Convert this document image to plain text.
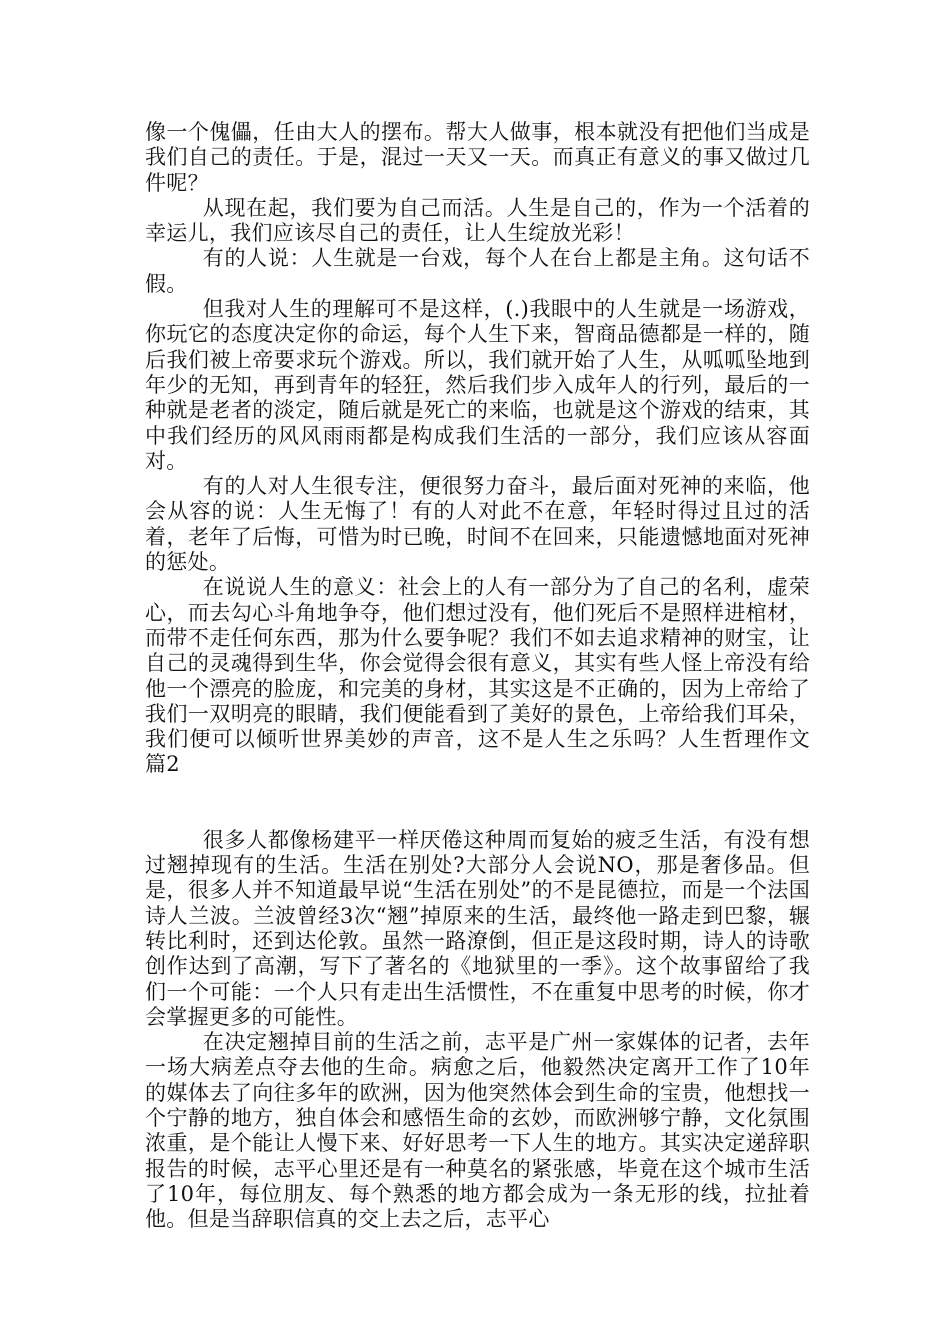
像一个傀儡，任由大人的摆布。帮大人做事，根本就没有把他们当成是我们自己的责任。于是，混过一天又一天。而真正有意义的事又做过几件呢？

从现在起，我们要为自己而活。人生是自己的，作为一个活着的幸运儿，我们应该尽自己的责任，让人生绽放光彩！

有的人说：人生就是一台戏，每个人在台上都是主角。这句话不假。

但我对人生的理解可不是这样，(.)我眼中的人生就是一场游戏，你玩它的态度决定你的命运，每个人生下来，智商品德都是一样的，随后我们被上帝要求玩个游戏。所以，我们就开始了人生，从呱呱坠地到年少的无知，再到青年的轻狂，然后我们步入成年人的行列，最后的一种就是老者的淡定，随后就是死亡的来临，也就是这个游戏的结束，其中我们经历的风风雨雨都是构成我们生活的一部分，我们应该从容面对。

有的人对人生很专注，便很努力奋斗，最后面对死神的来临，他会从容的说：人生无悔了！有的人对此不在意，年轻时得过且过的活着，老年了后悔，可惜为时已晚，时间不在回来，只能遗憾地面对死神的惩处。

在说说人生的意义：社会上的人有一部分为了自己的名利，虚荣心，而去勾心斗角地争夺，他们想过没有，他们死后不是照样进棺材，而带不走任何东西，那为什么要争呢？我们不如去追求精神的财宝，让自己的灵魂得到生华，你会觉得会很有意义，其实有些人怪上帝没有给他一个漂亮的脸庞，和完美的身材，其实这是不正确的，因为上帝给了我们一双明亮的眼睛，我们便能看到了美好的景色，上帝给我们耳朵，我们便可以倾听世界美妙的声音，这不是人生之乐吗？人生哲理作文 篇2

很多人都像杨建平一样厌倦这种周而复始的疲乏生活，有没有想过翘掉现有的生活。生活在别处?大部分人会说NO，那是奢侈品。但是，很多人并不知道最早说“生活在别处”的不是昆德拉，而是一个法国诗人兰波。兰波曾经3次“翘”掉原来的生活，最终他一路走到巴黎，辗转比利时，还到达伦敦。虽然一路潦倒，但正是这段时期，诗人的诗歌创作达到了高潮，写下了著名的《地狱里的一季》。这个故事留给了我们一个可能：一个人只有走出生活惯性，不在重复中思考的时候，你才会掌握更多的可能性。

在决定翘掉目前的生活之前，志平是广州一家媒体的记者，去年一场大病差点夺去他的生命。病愈之后，他毅然决定离开工作了10年的媒体去了向往多年的欧洲，因为他突然体会到生命的宝贵，他想找一个宁静的地方，独自体会和感悟生命的玄妙，而欧洲够宁静，文化氛围浓重，是个能让人慢下来、好好思考一下人生的地方。其实决定递辞职报告的时候，志平心里还是有一种莫名的紧张感，毕竟在这个城市生活了10年，每位朋友、每个熟悉的地方都会成为一条无形的线，拉扯着他。但是当辞职信真的交上去之后，志平心
